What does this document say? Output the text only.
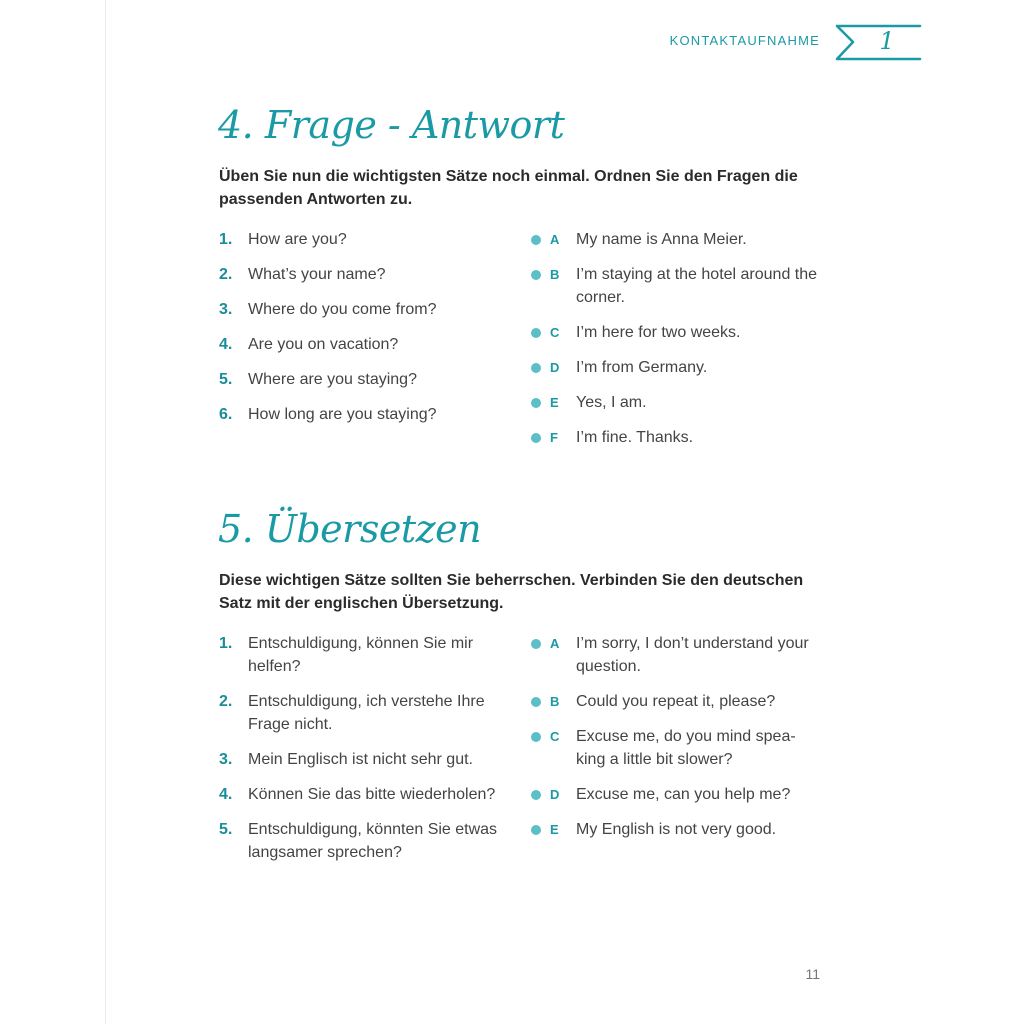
KONTAKTAUFNAHME	1
4. Frage - Antwort
Üben Sie nun die wichtigsten Sätze noch einmal. Ordnen Sie den Fragen die passenden Antworten zu.
1. How are you?
2. What’s your name?
3. Where do you come from?
4. Are you on vacation?
5. Where are you staying?
6. How long are you staying?
A	My name is Anna Meier.
B	I’m staying at the hotel around the corner.
C	I’m here for two weeks.
D	I’m from Germany.
E	Yes, I am.
F	I’m fine. Thanks.
5. Übersetzen
Diese wichtigen Sätze sollten Sie beherrschen. Verbinden Sie den deutschen Satz mit der englischen Übersetzung.
1. Entschuldigung, können Sie mir helfen?
2. Entschuldigung, ich verstehe Ihre Frage nicht.
3. Mein Englisch ist nicht sehr gut.
4. Können Sie das bitte wiederholen?
5. Entschuldigung, könnten Sie etwas langsamer sprechen?
A	I’m sorry, I don’t understand your question.
B	Could you repeat it, please?
C	Excuse me, do you mind spea-king a little bit slower?
D	Excuse me, can you help me?
E	My English is not very good.
11
